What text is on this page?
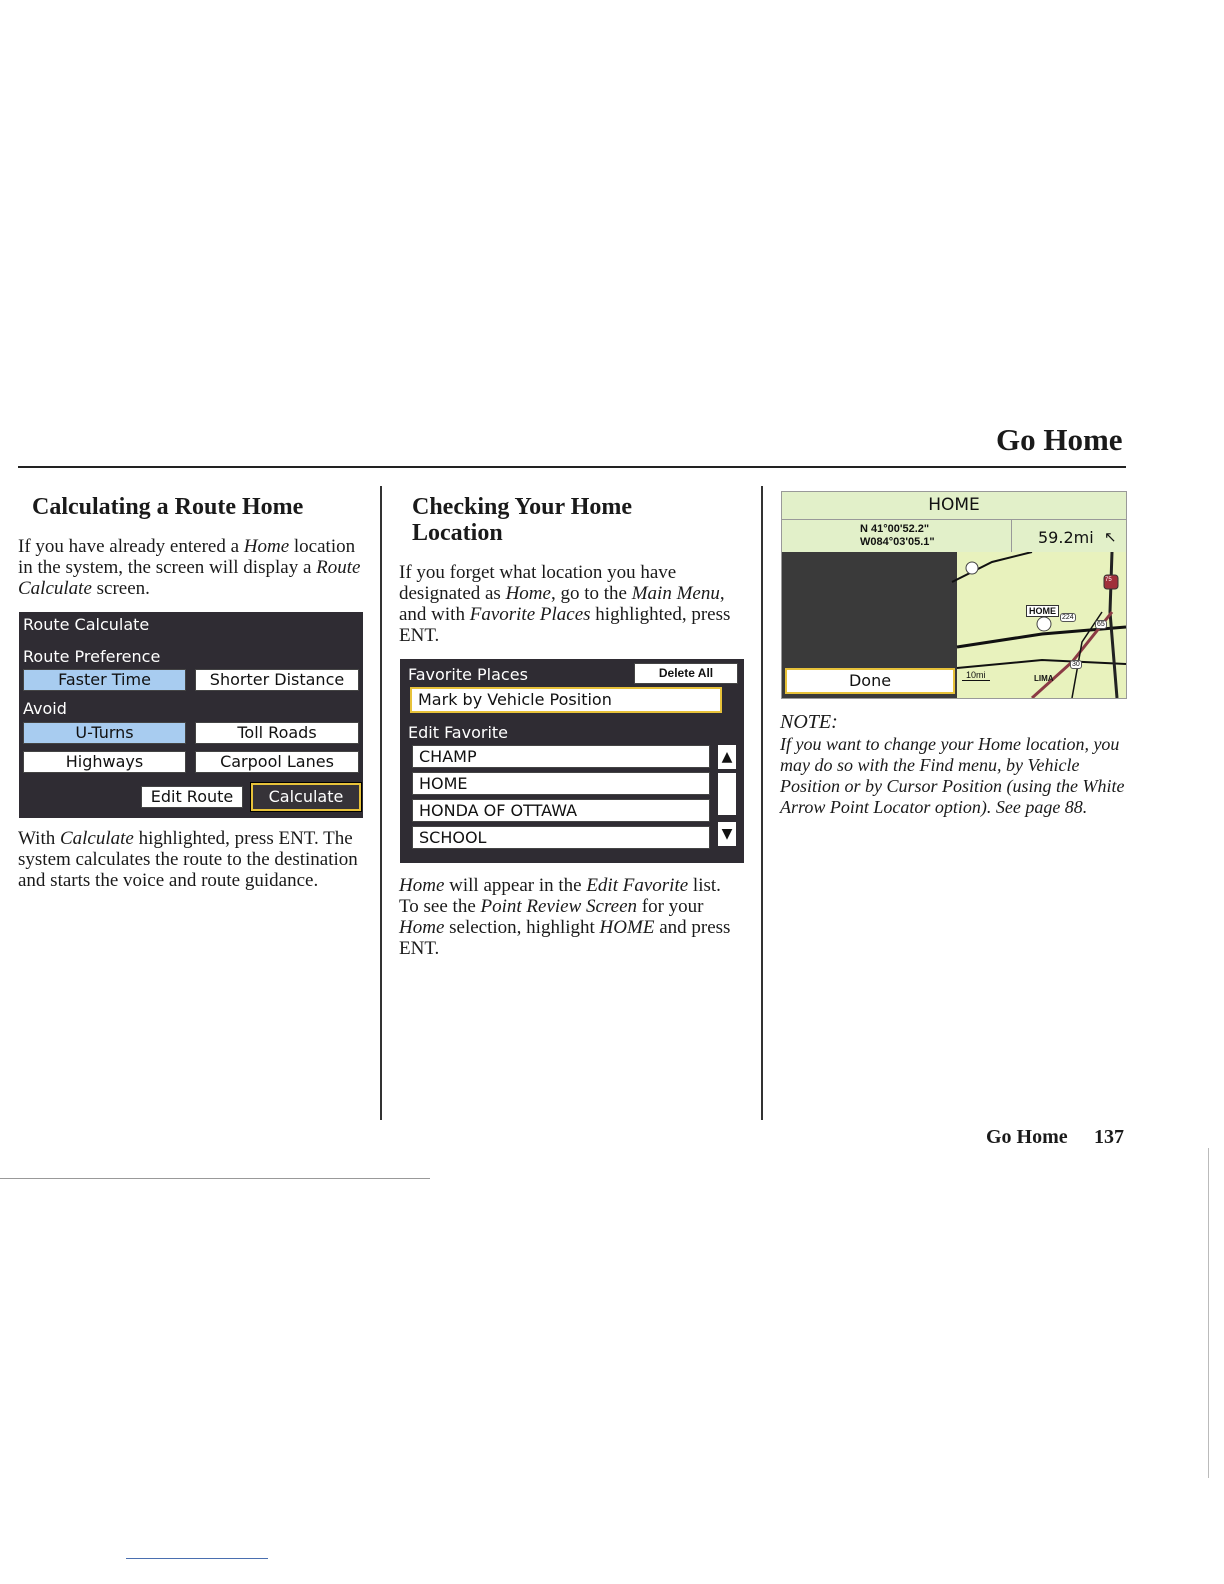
Go Home
Calculating a Route Home

If you have already entered a Home location in the system, the screen will display a Route Calculate screen.

Route Calculate
Route Preference
Faster Time	Shorter Distance
Avoid
U-Turns	Toll Roads
Highways	Carpool Lanes
Edit Route	Calculate

With Calculate highlighted, press ENT. The system calculates the route to the destination and starts the voice and route guidance.

Checking Your Home
Location

If you forget what location you have designated as Home, go to the Main Menu, and with Favorite Places highlighted, press ENT.

Favorite Places	Delete All
Mark by Vehicle Position
Edit Favorite
CHAMP
HOME
HONDA OF OTTAWA
SCHOOL
▲
▼

Home will appear in the Edit Favorite list. To see the Point Review Screen for your Home selection, highlight HOME and press ENT.

HOME
N 41°00'52.2"
W084°03'05.1"	59.2mi ↖
HOME
75
224
65
30
LIMA
10mi
Done
NOTE:
If you want to change your Home location, you may do so with the Find menu, by Vehicle Position or by Cursor Position (using the White Arrow Point Locator option). See page 88.
Go Home 137
